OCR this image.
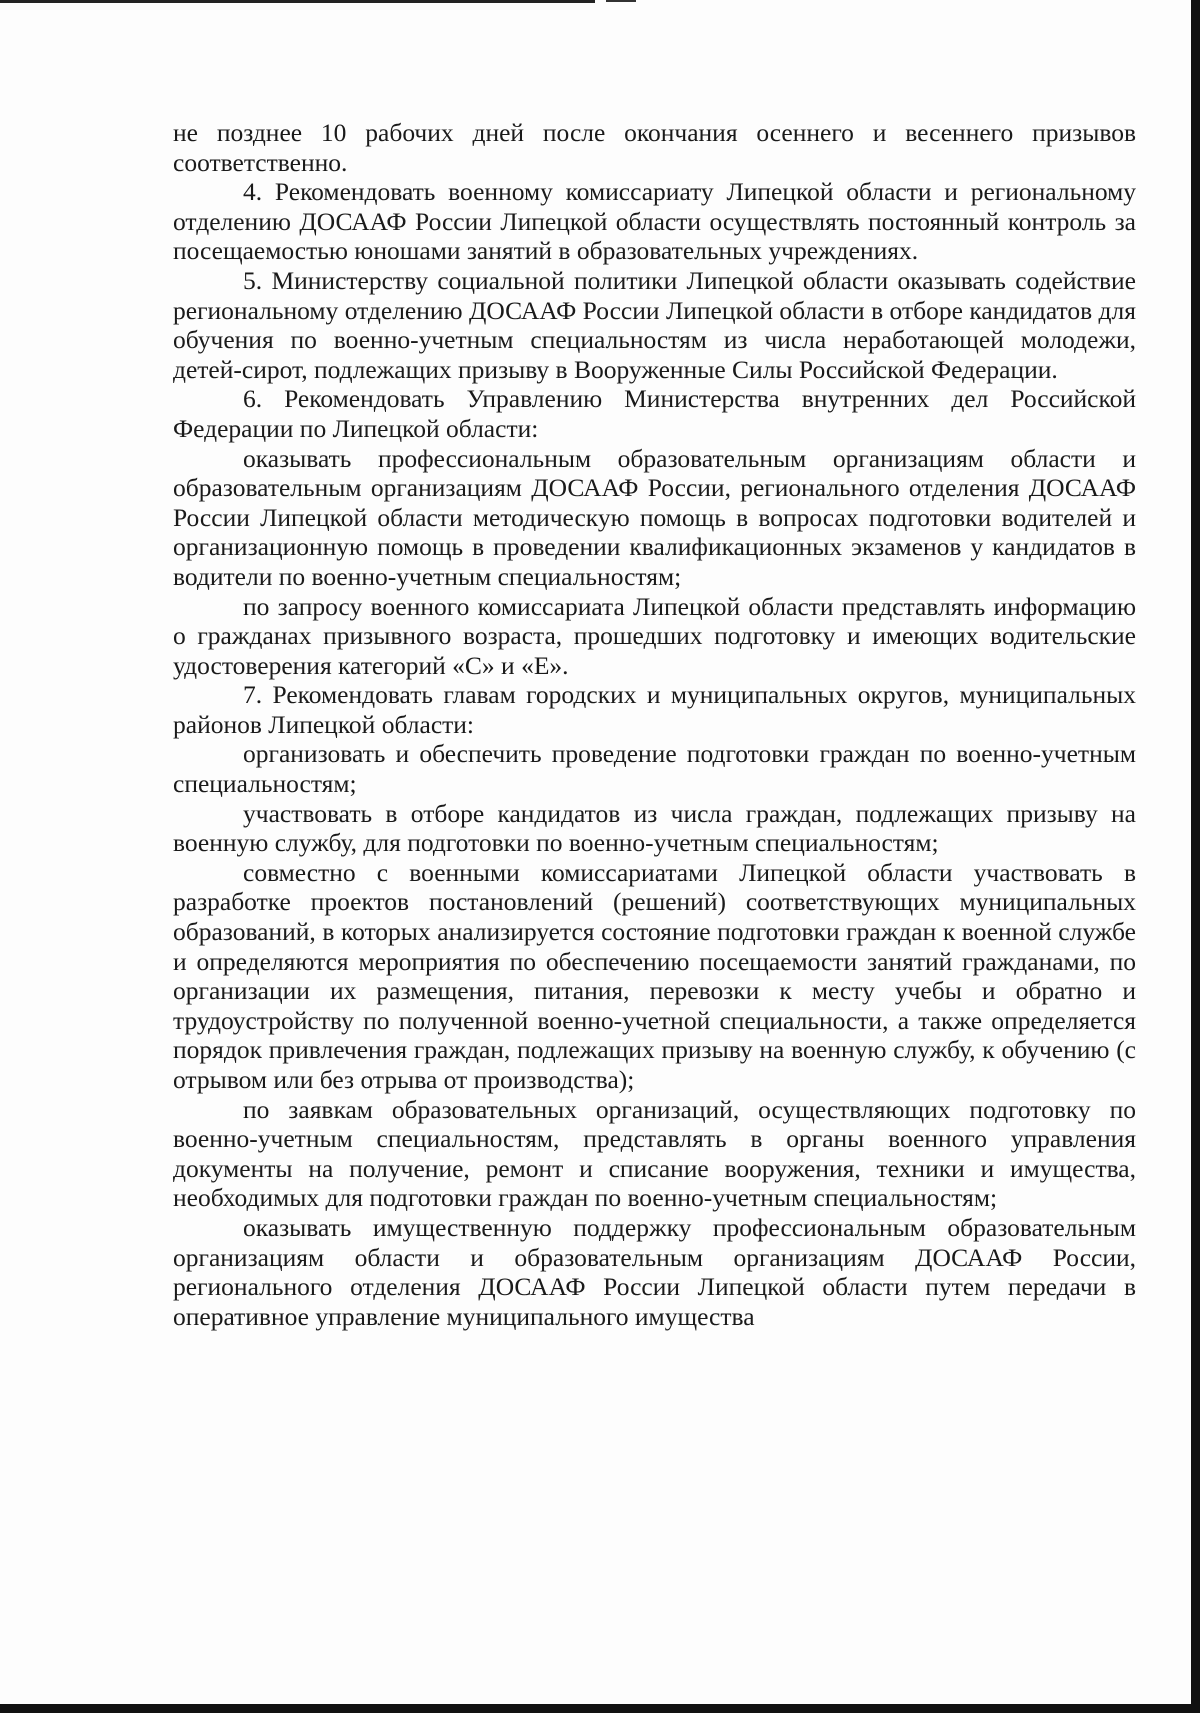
не позднее 10 рабочих дней после окончания осеннего и весеннего призывов соответственно.

4. Рекомендовать военному комиссариату Липецкой области и региональному отделению ДОСААФ России Липецкой области осуществлять постоянный контроль за посещаемостью юношами занятий в образовательных учреждениях.

5. Министерству социальной политики Липецкой области оказывать содействие региональному отделению ДОСААФ России Липецкой области в отборе кандидатов для обучения по военно-учетным специальностям из числа неработающей молодежи, детей-сирот, подлежащих призыву в Вооруженные Силы Российской Федерации.

6. Рекомендовать Управлению Министерства внутренних дел Российской Федерации по Липецкой области:

оказывать профессиональным образовательным организациям области и образовательным организациям ДОСААФ России, регионального отделения ДОСААФ России Липецкой области методическую помощь в вопросах подготовки водителей и организационную помощь в проведении квалификационных экзаменов у кандидатов в водители по военно-учетным специальностям;

по запросу военного комиссариата Липецкой области представлять информацию о гражданах призывного возраста, прошедших подготовку и имеющих водительские удостоверения категорий «С» и «Е».

7. Рекомендовать главам городских и муниципальных округов, муниципальных районов Липецкой области:

организовать и обеспечить проведение подготовки граждан по военно-учетным специальностям;

участвовать в отборе кандидатов из числа граждан, подлежащих призыву на военную службу, для подготовки по военно-учетным специальностям;

совместно с военными комиссариатами Липецкой области участвовать в разработке проектов постановлений (решений) соответствующих муниципальных образований, в которых анализируется состояние подготовки граждан к военной службе и определяются мероприятия по обеспечению посещаемости занятий гражданами, по организации их размещения, питания, перевозки к месту учебы и обратно и трудоустройству по полученной военно-учетной специальности, а также определяется порядок привлечения граждан, подлежащих призыву на военную службу, к обучению (с отрывом или без отрыва от производства);

по заявкам образовательных организаций, осуществляющих подготовку по военно-учетным специальностям, представлять в органы военного управления документы на получение, ремонт и списание вооружения, техники и имущества, необходимых для подготовки граждан по военно-учетным специальностям;

оказывать имущественную поддержку профессиональным образовательным организациям области и образовательным организациям ДОСААФ России, регионального отделения ДОСААФ России Липецкой области путем передачи в оперативное управление муниципального имущества
